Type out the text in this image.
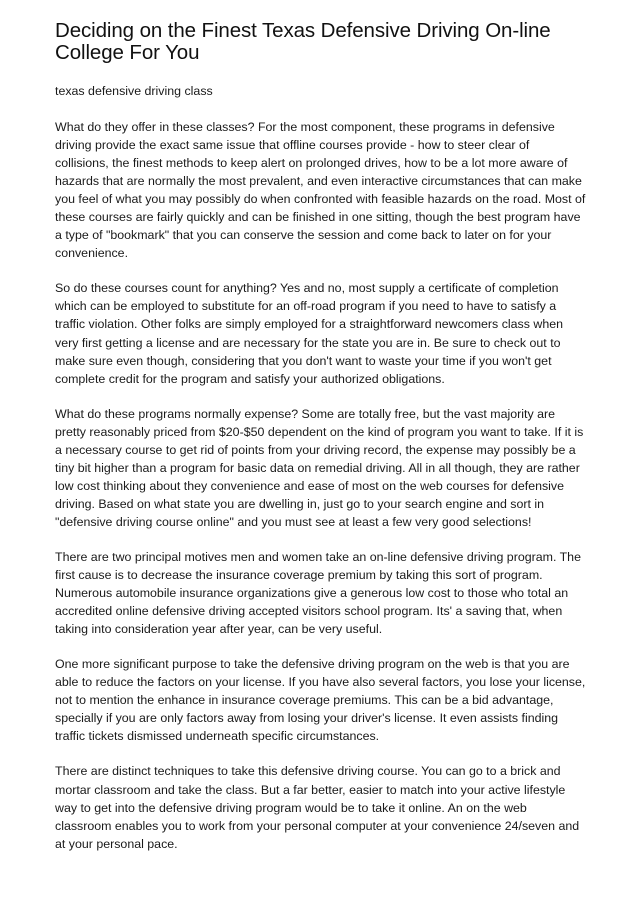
Deciding on the Finest Texas Defensive Driving On-line College For You

texas defensive driving class

What do they offer in these classes? For the most component, these programs in defensive driving provide the exact same issue that offline courses provide - how to steer clear of collisions, the finest methods to keep alert on prolonged drives, how to be a lot more aware of hazards that are normally the most prevalent, and even interactive circumstances that can make you feel of what you may possibly do when confronted with feasible hazards on the road. Most of these courses are fairly quickly and can be finished in one sitting, though the best program have a type of "bookmark" that you can conserve the session and come back to later on for your convenience.

So do these courses count for anything? Yes and no, most supply a certificate of completion which can be employed to substitute for an off-road program if you need to have to satisfy a traffic violation. Other folks are simply employed for a straightforward newcomers class when very first getting a license and are necessary for the state you are in. Be sure to check out to make sure even though, considering that you don't want to waste your time if you won't get complete credit for the program and satisfy your authorized obligations.

What do these programs normally expense? Some are totally free, but the vast majority are pretty reasonably priced from $20-$50 dependent on the kind of program you want to take. If it is a necessary course to get rid of points from your driving record, the expense may possibly be a tiny bit higher than a program for basic data on remedial driving. All in all though, they are rather low cost thinking about they convenience and ease of most on the web courses for defensive driving. Based on what state you are dwelling in, just go to your search engine and sort in "defensive driving course online" and you must see at least a few very good selections!

There are two principal motives men and women take an on-line defensive driving program. The first cause is to decrease the insurance coverage premium by taking this sort of program. Numerous automobile insurance organizations give a generous low cost to those who total an accredited online defensive driving accepted visitors school program. Its' a saving that, when taking into consideration year after year, can be very useful.

One more significant purpose to take the defensive driving program on the web is that you are able to reduce the factors on your license. If you have also several factors, you lose your license, not to mention the enhance in insurance coverage premiums. This can be a bid advantage, specially if you are only factors away from losing your driver's license. It even assists finding traffic tickets dismissed underneath specific circumstances.

There are distinct techniques to take this defensive driving course. You can go to a brick and mortar classroom and take the class. But a far better, easier to match into your active lifestyle way to get into the defensive driving program would be to take it online. An on the web classroom enables you to work from your personal computer at your convenience 24/seven and at your personal pace.
